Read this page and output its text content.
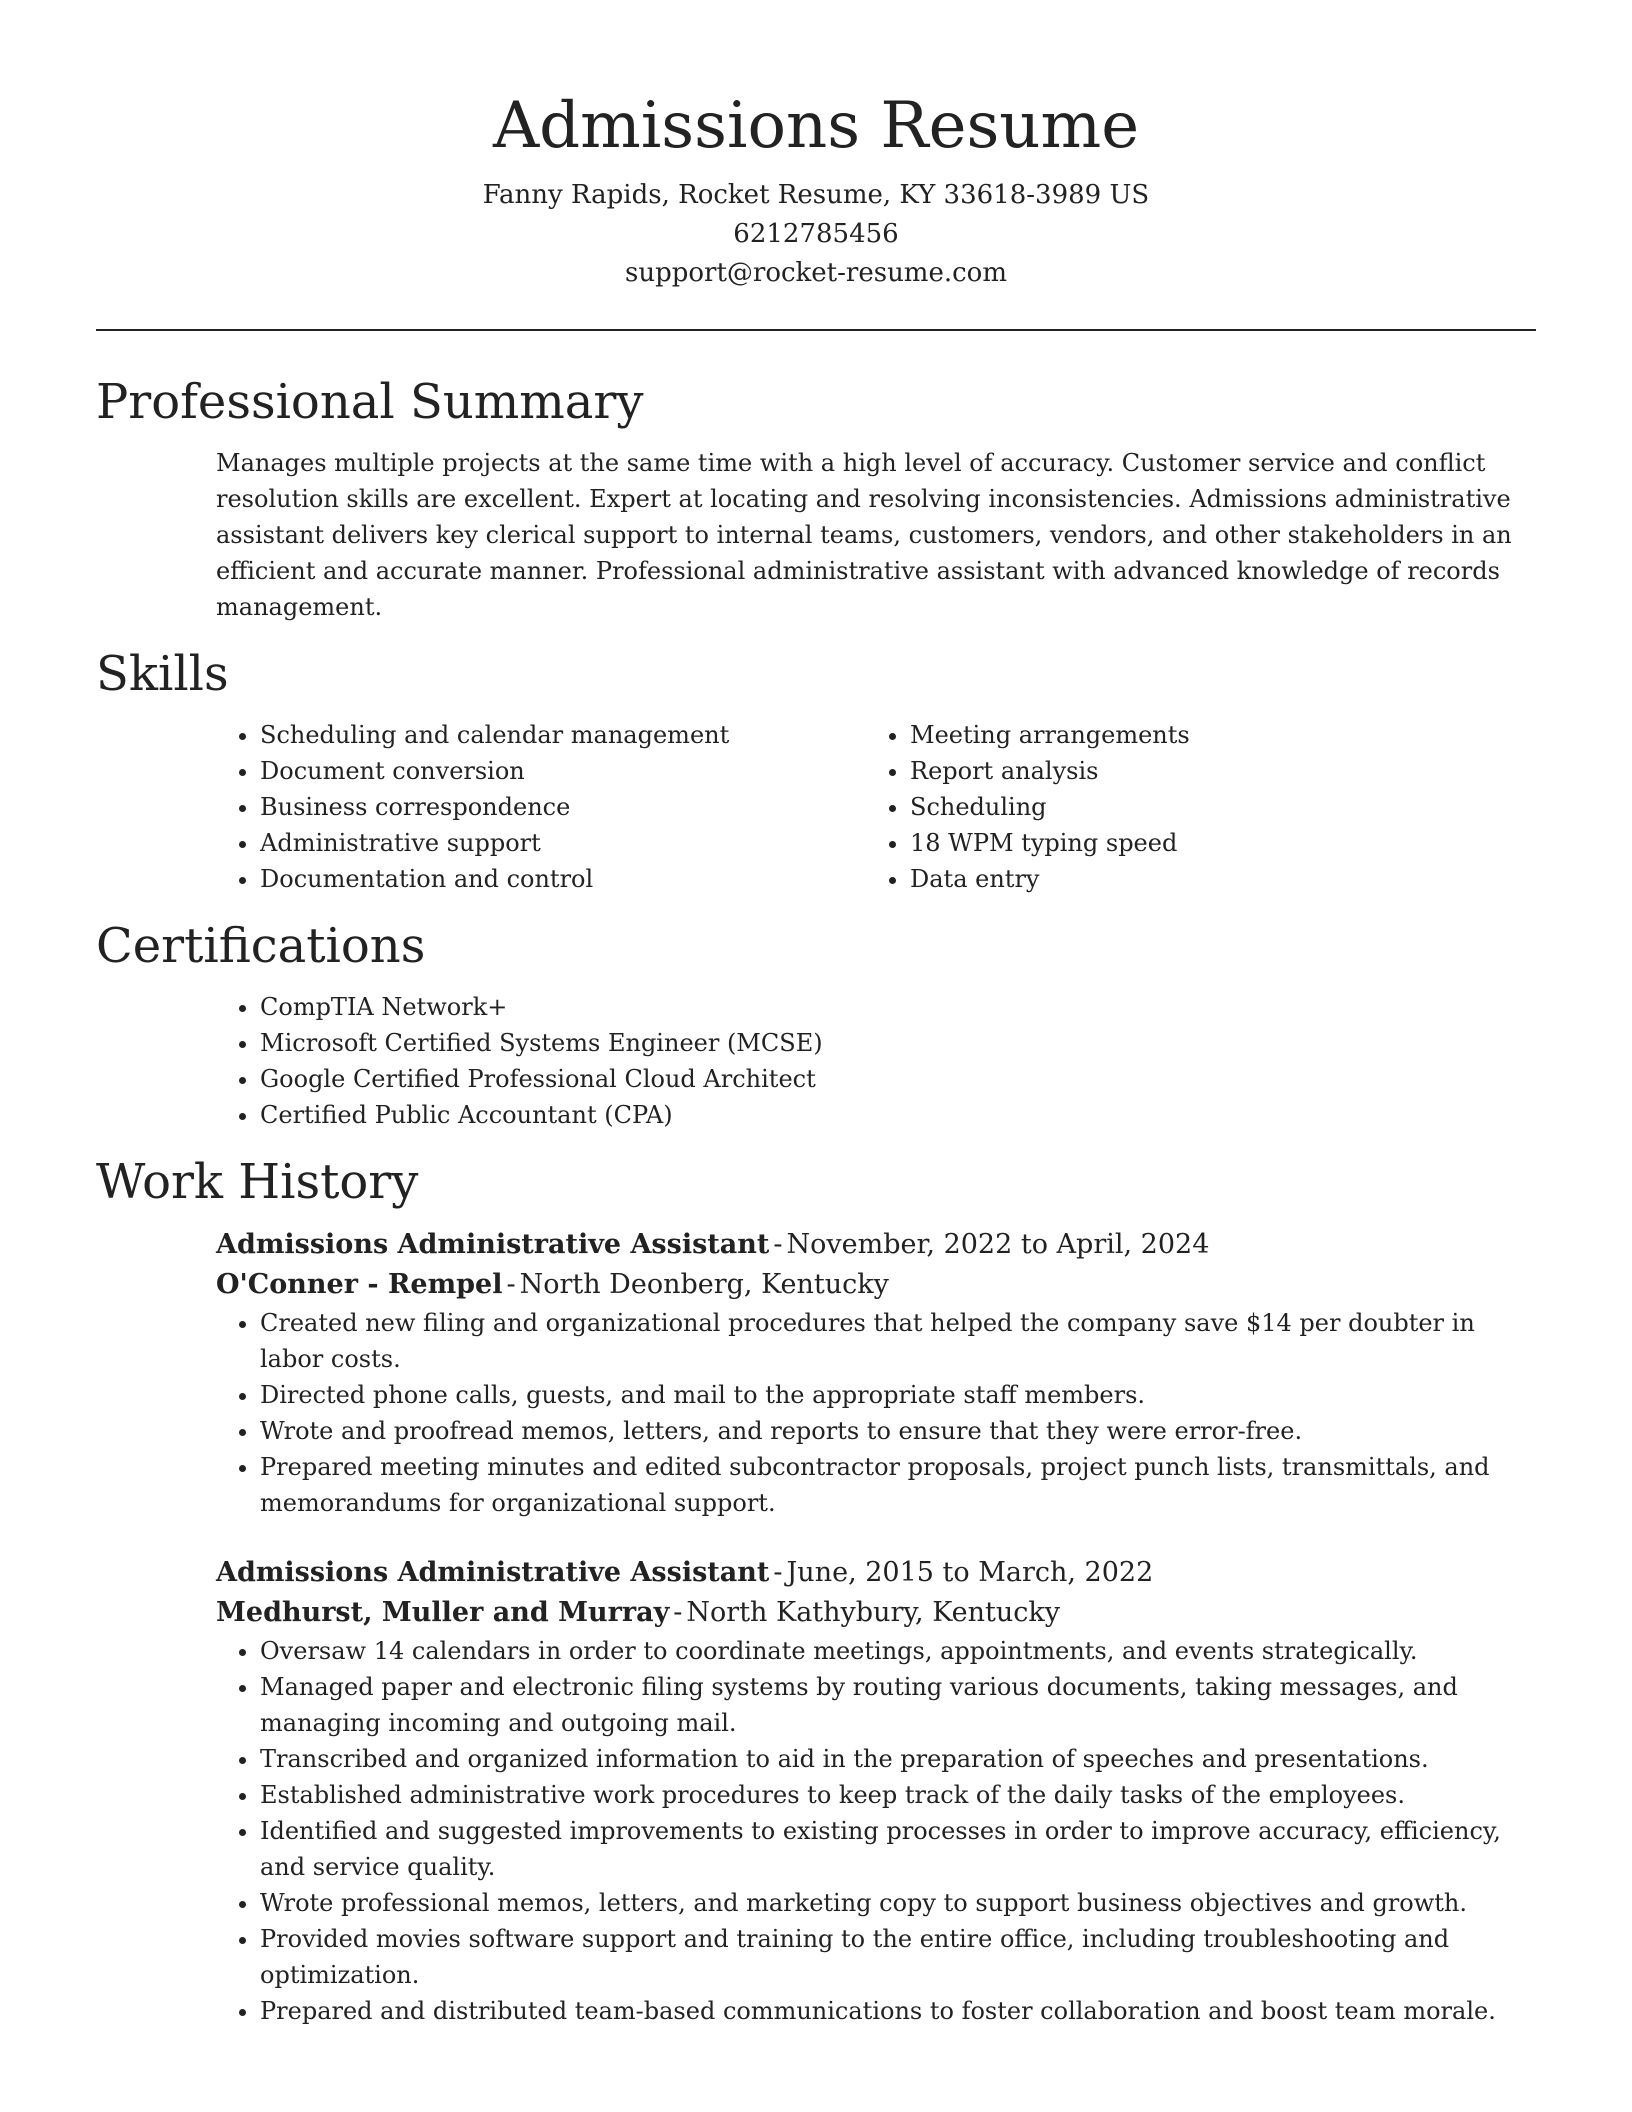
Admissions Resume
Fanny Rapids, Rocket Resume, KY 33618-3989 US
6212785456
support@rocket-resume.com
Professional Summary

Manages multiple projects at the same time with a high level of accuracy. Customer service and conflict resolution skills are excellent. Expert at locating and resolving inconsistencies. Admissions administrative assistant delivers key clerical support to internal teams, customers, vendors, and other stakeholders in an efficient and accurate manner. Professional administrative assistant with advanced knowledge of records management.

Skills
• Scheduling and calendar management
• Document conversion
• Business correspondence
• Administrative support
• Documentation and control
• Meeting arrangements
• Report analysis
• Scheduling
• 18 WPM typing speed
• Data entry
Certifications
• CompTIA Network+
• Microsoft Certified Systems Engineer (MCSE)
• Google Certified Professional Cloud Architect
• Certified Public Accountant (CPA)
Work History
Admissions Administrative Assistant - November, 2022 to April, 2024
O'Conner - Rempel - North Deonberg, Kentucky
• Created new filing and organizational procedures that helped the company save $14 per doubter in labor costs.
• Directed phone calls, guests, and mail to the appropriate staff members.
• Wrote and proofread memos, letters, and reports to ensure that they were error-free.
• Prepared meeting minutes and edited subcontractor proposals, project punch lists, transmittals, and memorandums for organizational support.
Admissions Administrative Assistant - June, 2015 to March, 2022
Medhurst, Muller and Murray - North Kathybury, Kentucky
• Oversaw 14 calendars in order to coordinate meetings, appointments, and events strategically.
• Managed paper and electronic filing systems by routing various documents, taking messages, and managing incoming and outgoing mail.
• Transcribed and organized information to aid in the preparation of speeches and presentations.
• Established administrative work procedures to keep track of the daily tasks of the employees.
• Identified and suggested improvements to existing processes in order to improve accuracy, efficiency, and service quality.
• Wrote professional memos, letters, and marketing copy to support business objectives and growth.
• Provided movies software support and training to the entire office, including troubleshooting and optimization.
• Prepared and distributed team-based communications to foster collaboration and boost team morale.
